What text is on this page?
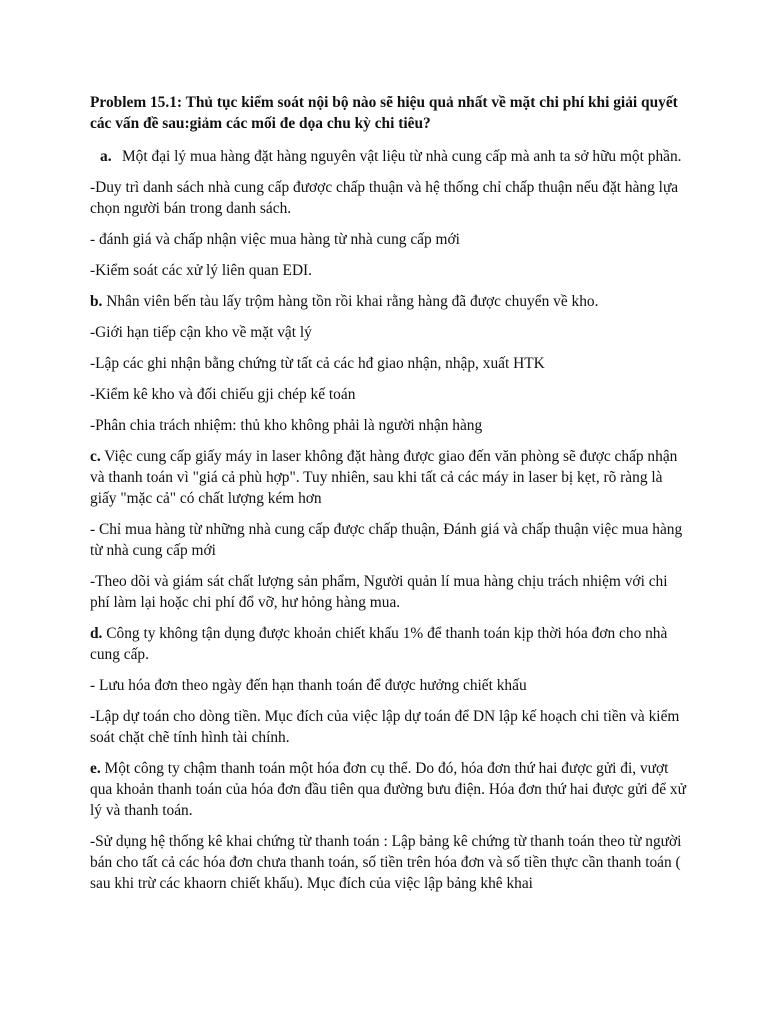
Problem 15.1: Thủ tục kiểm soát nội bộ nào sẽ hiệu quả nhất về mặt chi phí khi giải quyết các vấn đề sau:giảm các mối đe dọa chu kỳ chi tiêu?
a. Một đại lý mua hàng đặt hàng nguyên vật liệu từ nhà cung cấp mà anh ta sở hữu một phần.

-Duy trì danh sách nhà cung cấp đươợc chấp thuận và hệ thống chỉ chấp thuận nếu đặt hàng lựa chọn người bán trong danh sách.

- đánh giá và chấp nhận việc mua hàng từ nhà cung cấp mới

-Kiểm soát các xử lý liên quan EDI.

b. Nhân viên bến tàu lấy trộm hàng tồn rồi khai rằng hàng đã được chuyển về kho.

-Giới hạn tiếp cận kho về mặt vật lý

-Lập các ghi nhận bằng chứng từ tất cả các hđ giao nhận, nhập, xuất HTK

-Kiểm kê kho và đối chiếu gji chép kế toán

-Phân chia trách nhiệm: thủ kho không phải là người nhận hàng

c. Việc cung cấp giấy máy in laser không đặt hàng được giao đến văn phòng sẽ được chấp nhận và thanh toán vì "giá cả phù hợp". Tuy nhiên, sau khi tất cả các máy in laser bị kẹt, rõ ràng là giấy "mặc cả" có chất lượng kém hơn

- Chỉ mua hàng từ những nhà cung cấp được chấp thuận, Đánh giá và chấp thuận việc mua hàng từ nhà cung cấp mới

-Theo dõi và giám sát chất lượng sản phẩm, Người quản lí mua hàng chịu trách nhiệm với chi phí làm lại hoặc chi phí đổ vỡ, hư hỏng hàng mua.

d. Công ty không tận dụng được khoản chiết khấu 1% để thanh toán kịp thời hóa đơn cho nhà cung cấp.

- Lưu hóa đơn theo ngày đến hạn thanh toán để được hưởng chiết khấu

-Lập dự toán cho dòng tiền. Mục đích của việc lập dự toán để DN lập kế hoạch chi tiền và kiểm soát chặt chẽ tính hình tài chính.

e. Một công ty chậm thanh toán một hóa đơn cụ thể. Do đó, hóa đơn thứ hai được gửi đi, vượt qua khoản thanh toán của hóa đơn đầu tiên qua đường bưu điện. Hóa đơn thứ hai được gửi để xử lý và thanh toán.

-Sử dụng hệ thống kê khai chứng từ thanh toán : Lập bảng kê chứng từ thanh toán theo từ người bán cho tất cả các hóa đơn chưa thanh toán, số tiền trên hóa đơn và số tiền thực cần thanh toán ( sau khi trừ các khaorn chiết khấu). Mục đích của việc lập bảng khê khai
